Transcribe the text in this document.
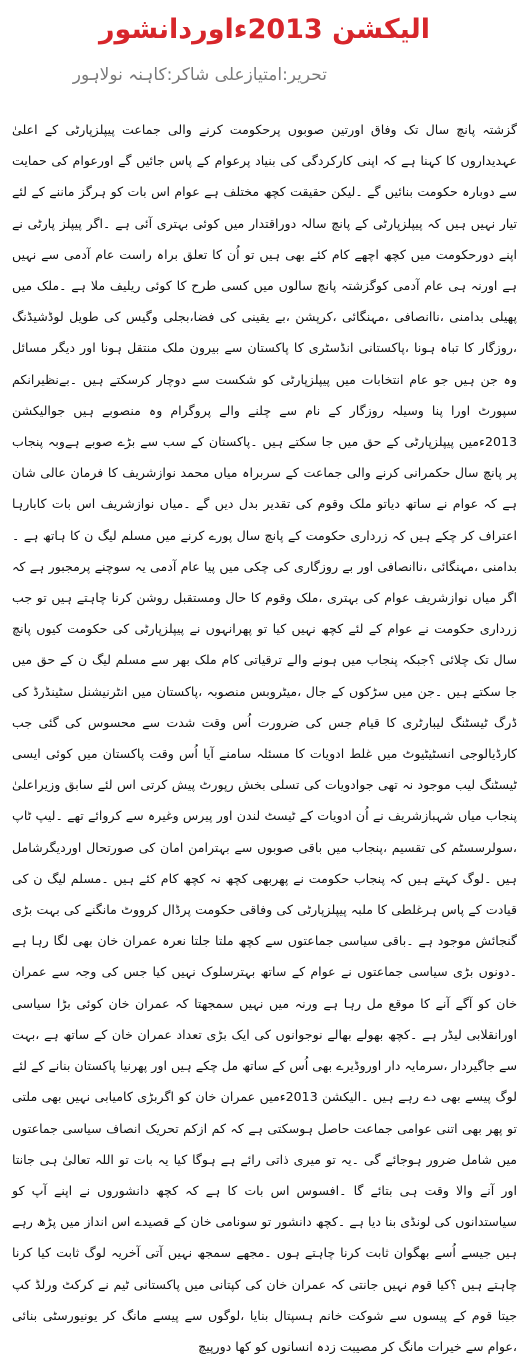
الیکشن 2013ءاوردانشور
تحریر:امتیازعلی شاکر:کاہنہ نولاہور
گزشتہ پانچ سال تک وفاق اورتین صوبوں پرحکومت کرنے والی جماعت پیپلزپارٹی کے اعلیٰ عہدیداروں کا کہنا ہے کہ اپنی کارکردگی کی بنیاد پرعوام کے پاس جائیں گے اورعوام کی حمایت سے دوبارہ حکومت بنائیں گے ۔لیکن حقیقت کچھ مختلف ہے عوام اس بات کو ہرگز ماننے کے لئے تیار نہیں ہیں کہ پیپلزپارٹی کے پانچ سالہ دوراقتدار میں کوئی بہتری آئی ہے ۔اگر پیپلز پارٹی نے اپنے دورحکومت میں کچھ اچھے کام کئے بھی ہیں تو اُن کا تعلق براہ راست عام آدمی سے نہیں ہے اورنہ ہی عام آدمی کوگزشتہ پانچ سالوں میں کسی طرح کا کوئی ریلیف ملا ہے ۔ملک میں پھیلی بدامنی ،ناانصافی ،مہنگائی ،کرپشن ،بے یقینی کی فضا،بجلی وگیس کی طویل لوڈشیڈنگ ،روزگار کا تباہ ہونا ،پاکستانی انڈسٹری کا پاکستان سے بیرون ملک منتقل ہونا اور دیگر مسائل وہ جن ہیں جو عام انتخابات میں پیپلزپارٹی کو شکست سے دوچار کرسکتے ہیں ۔بےنظیرانکم سپورٹ اورا پنا وسیلہ روزگار کے نام سے چلنے والے پروگرام وہ منصوبے ہیں جوالیکشن 2013ءمیں پیپلزپارٹی کے حق میں جا سکتے ہیں ۔پاکستان کے سب سے بڑے صوبے ہےوبہ پنجاب پر پانچ سال حکمرانی کرنے والی جماعت کے سربراہ میاں محمد نوازشریف کا فرمان عالی شان ہے کہ عوام نے ساتھ دیاتو ملک وقوم کی تقدیر بدل دیں گے ۔میاں نوازشریف اس بات کابارہا اعتراف کر چکے ہیں کہ زرداری حکومت کے پانچ سال پورے کرنے میں مسلم لیگ ن کا ہاتھ ہے ۔بدامنی ،مہنگائی ،ناانصافی اور بے روزگاری کی چکی میں پیا عام آدمی یہ سوچنے پرمجبور ہے کہ اگر میاں نوازشریف عوام کی بہتری ،ملک وقوم کا حال ومستقبل روشن کرنا چاہتے ہیں تو جب زرداری حکومت نے عوام کے لئے کچھ نہیں کیا تو پھرانہوں نے پیپلزپارٹی کی حکومت کیوں پانچ سال تک چلائی ؟جبکہ پنجاب میں ہونے والے ترقیاتی کام ملک بھر سے مسلم لیگ ن کے حق میں جا سکتے ہیں ۔جن میں سڑکوں کے جال ،میٹروبس منصوبہ ،پاکستان میں انٹرنیشنل سٹینڈرڈ کی ڈرگ ٹیسٹنگ لیبارٹری کا قیام جس کی ضرورت اُس وقت شدت سے محسوس کی گئی جب کارڈیالوجی انسٹیٹیوٹ میں غلط ادویات کا مسئلہ سامنے آیا اُس وقت پاکستان میں کوئی ایسی ٹیسٹنگ لیب موجود نہ تھی جوادویات کی تسلی بخش رپورٹ پیش کرتی اس لئے سابق وزیراعلیٰ پنجاب میاں شہبازشریف نے اُن ادویات کے ٹیسٹ لندن اور پیرس وغیرہ سے کروائے تھے ۔لیپ ٹاپ ،سولرسسٹم کی تقسیم ،پنجاب میں باقی صوبوں سے بہترامن امان کی صورتحال اوردیگرشامل ہیں ۔لوگ کہتے ہیں کہ پنجاب حکومت نے پھربھی کچھ نہ کچھ کام کئے ہیں ۔مسلم لیگ ن کی قیادت کے پاس ہرغلطی کا ملبہ پیپلزپارٹی کی وفاقی حکومت پرڈال کرووٹ مانگنے کی بہت بڑی گنجائش موجود ہے ۔باقی سیاسی جماعتوں سے کچھ ملتا جلتا نعرہ عمران خان بھی لگا رہا ہے ۔دونوں بڑی سیاسی جماعتوں نے عوام کے ساتھ بہترسلوک نہیں کیا جس کی وجہ سے عمران خان کو آگے آنے کا موقع مل رہا ہے ورنہ میں نہیں سمجھتا کہ عمران خان کوئی بڑا سیاسی اورانقلابی لیڈر ہے ۔کچھ بھولے بھالے نوجوانوں کی ایک بڑی تعداد عمران خان کے ساتھ ہے ،بہت سے جاگیردار ،سرمایہ دار اوروڈیرے بھی اُس کے ساتھ مل چکے ہیں اور پھرنیا پاکستان بنانے کے لئے لوگ پیسے بھی دے رہے ہیں ۔الیکشن 2013ءمیں عمران خان کو اگربڑی کامیابی نہیں بھی ملتی تو پھر بھی اتنی عوامی جماعت حاصل ہوسکتی ہے کہ کم ازکم تحریک انصاف سیاسی جماعتوں میں شامل ضرور ہوجائے گی ۔یہ تو میری ذاتی رائے ہے ہوگا کیا یہ بات تو اللہ تعالیٰ ہی جانتا اور آنے والا وقت ہی بتائے گا ۔افسوس اس بات کا ہے کہ کچھ دانشوروں نے اپنے آپ کو سیاستدانوں کی لونڈی بنا دیا ہے ۔کچھ دانشور تو سونامی خان کے قصیدے اس انداز میں پڑھ رہے ہیں جیسے اُسے بھگوان ثابت کرنا چاہتے ہوں ۔مجھے سمجھ نہیں آتی آخریہ لوگ ثابت کیا کرنا چاہتے ہیں ؟کیا قوم نہیں جانتی کہ عمران خان کی کپتانی میں پاکستانی ٹیم نے کرکٹ ورلڈ کپ جیتا قوم کے پیسوں سے شوکت خانم ہسپتال بنایا ،لوگوں سے پیسے مانگ کر یونیورسٹی بنائی ،عوام سے خیرات مانگ کر مصیبت زدہ انسانوں کو کھا دورپیچ
